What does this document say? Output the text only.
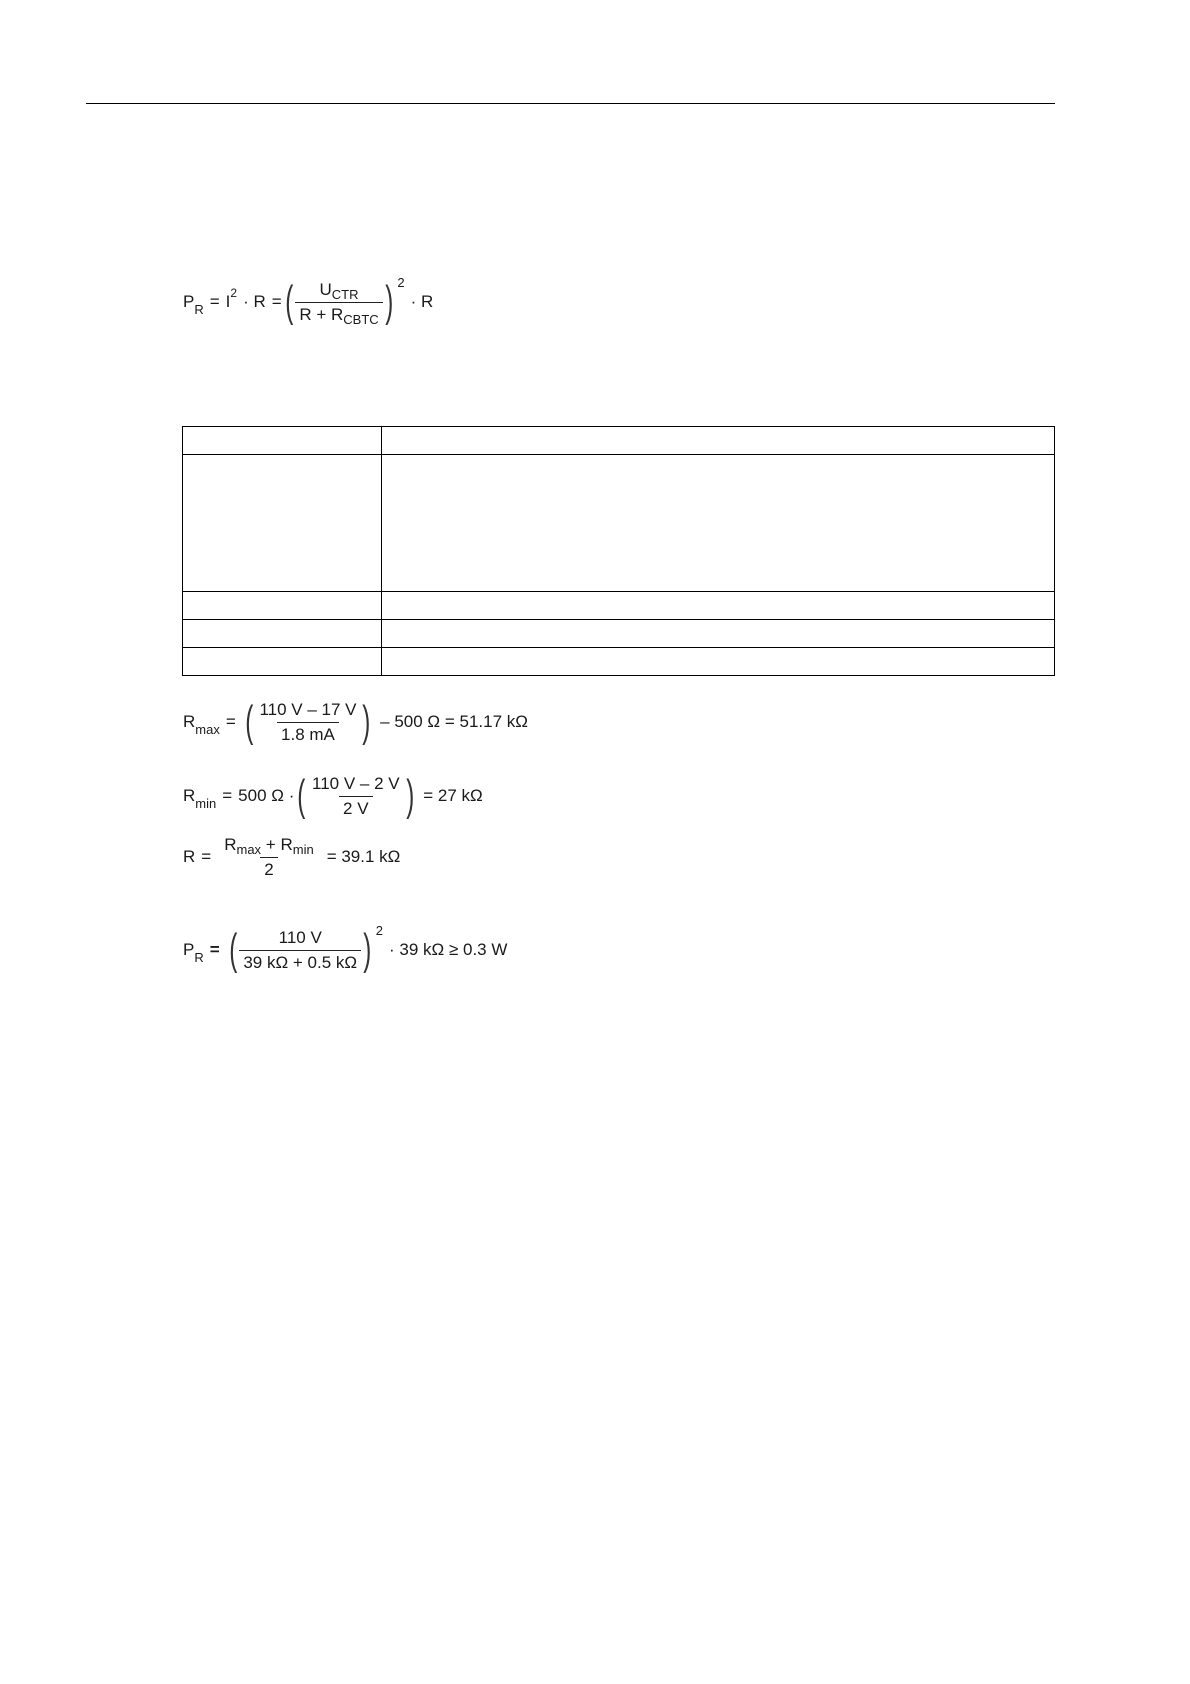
P R = I 2 · R = ( $\frac{U_{CTR}}{R + R_{CBTC}}$ ) 2
· R

R max = ( $\frac{110 V - 17 V}{1.8 mA}$ ) – 500 Ω = 51.17 kΩ
R min = 500 Ω · ( $\frac{110 V - 2 V}{2 V}$ ) = 27 kΩ
$R = \frac{R_{max} + R_{min}}{2} = 39.1$ kΩ
P R = ( $\frac{110 V}{39 k\Omega + 0.5 k\Omega}$ ) 2
· 39 kΩ ≥ 0.3 W
